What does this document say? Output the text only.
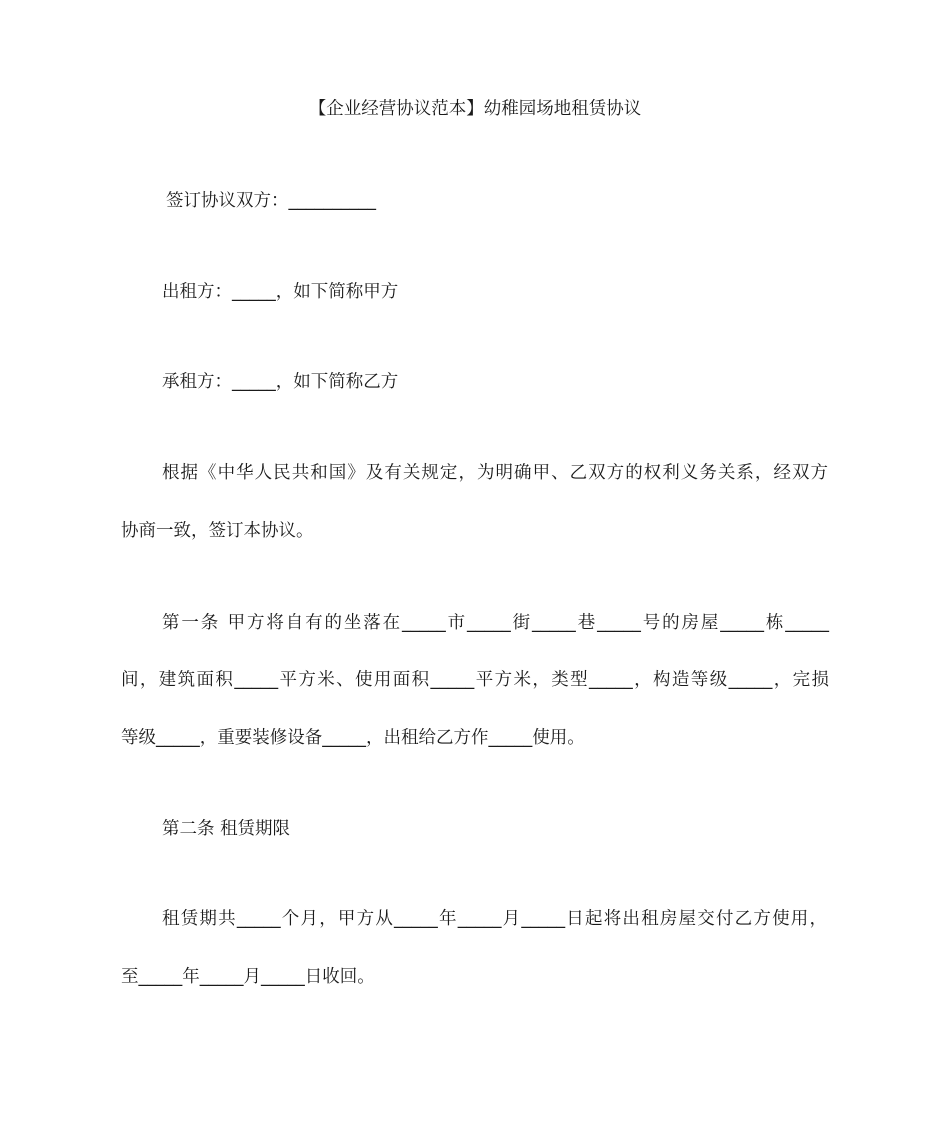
【企业经营协议范本】幼稚园场地租赁协议
签订协议双方：__________
出租方：_____，如下简称甲方
承租方：_____，如下简称乙方
根据《中华人民共和国》及有关规定，为明确甲、乙双方的权利义务关系，经双方
协商一致，签订本协议。
第一条 甲方将自有的坐落在_____市_____街_____巷_____号的房屋_____栋_____
间，建筑面积_____平方米、使用面积_____平方米，类型_____，构造等级_____，完损
等级_____，重要装修设备_____，出租给乙方作_____使用。
第二条 租赁期限
租赁期共_____个月，甲方从_____年_____月_____日起将出租房屋交付乙方使用，
至_____年_____月_____日收回。
